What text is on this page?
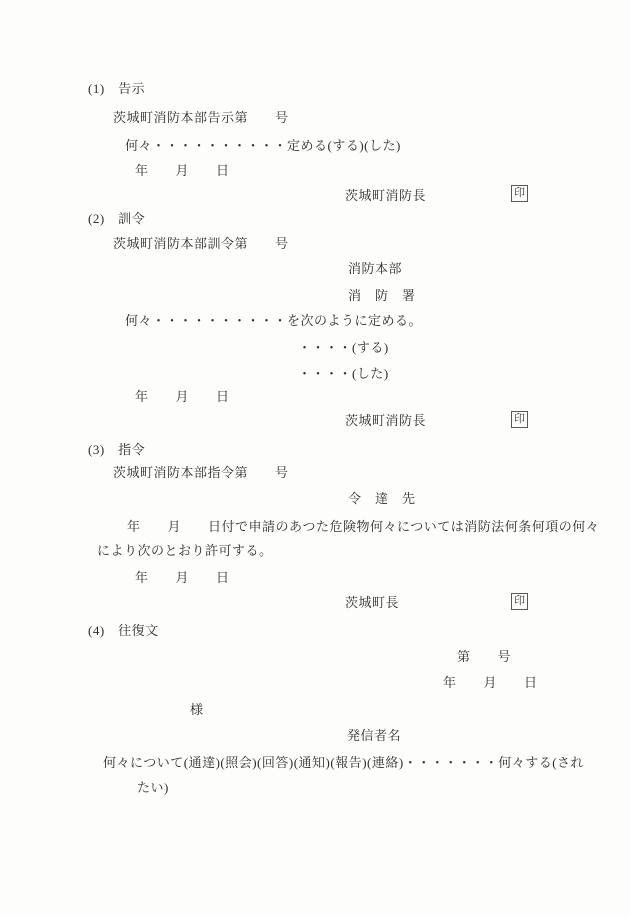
(1)　告示
茨城町消防本部告示第　　号
何々・・・・・・・・・・定める(する)(した)
年　　月　　日
茨城町消防長	印
(2)　訓令
茨城町消防本部訓令第　　号
消防本部
消　防　署
何々・・・・・・・・・・を次のように定める。
・・・・(する)
・・・・(した)
年　　月　　日
茨城町消防長	印
(3)　指令
茨城町消防本部指令第　　号
令　達　先
年　　月　　日付で申請のあつた危険物何々については消防法何条何項の何々
により次のとおり許可する。
年　　月　　日
茨城町長	印
(4)　往復文
第　　号
年　　月　　日
様
発信者名
何々について(通達)(照会)(回答)(通知)(報告)(連絡)・・・・・・・何々する(され
たい)
